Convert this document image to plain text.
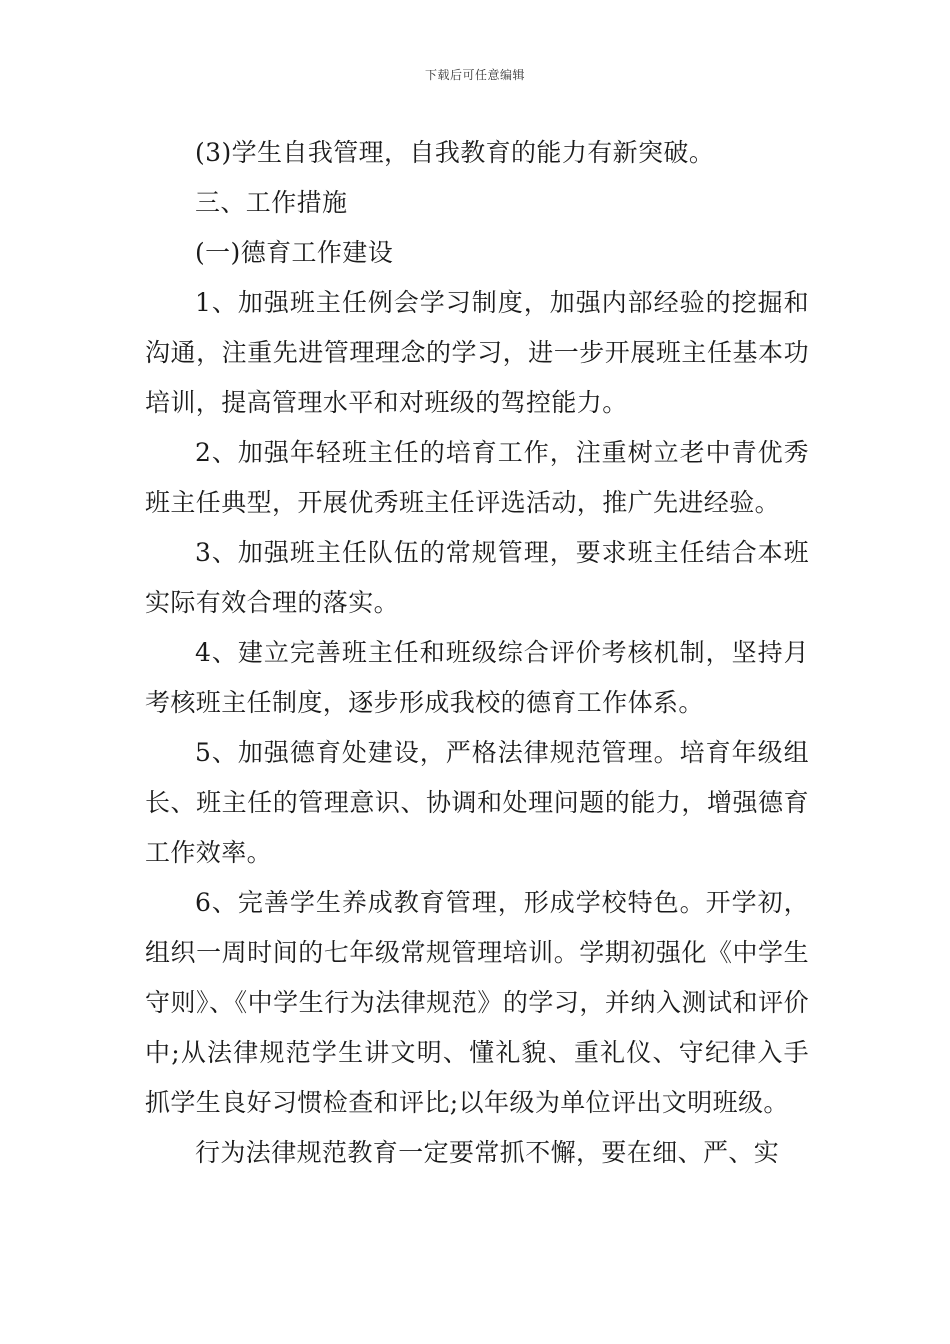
下载后可任意编辑

(3)学生自我管理，自我教育的能力有新突破。

三、工作措施

(一)德育工作建设

1、加强班主任例会学习制度，加强内部经验的挖掘和沟通，注重先进管理理念的学习，进一步开展班主任基本功培训，提高管理水平和对班级的驾控能力。

2、加强年轻班主任的培育工作，注重树立老中青优秀班主任典型，开展优秀班主任评选活动，推广先进经验。

3、加强班主任队伍的常规管理，要求班主任结合本班实际有效合理的落实。

4、建立完善班主任和班级综合评价考核机制，坚持月考核班主任制度，逐步形成我校的德育工作体系。

5、加强德育处建设，严格法律规范管理。培育年级组长、班主任的管理意识、协调和处理问题的能力，增强德育工作效率。

6、完善学生养成教育管理，形成学校特色。开学初，组织一周时间的七年级常规管理培训。学期初强化《中学生守则》、《中学生行为法律规范》的学习，并纳入测试和评价中;从法律规范学生讲文明、懂礼貌、重礼仪、守纪律入手抓学生良好习惯检查和评比;以年级为单位评出文明班级。

行为法律规范教育一定要常抓不懈，要在细、严、实
